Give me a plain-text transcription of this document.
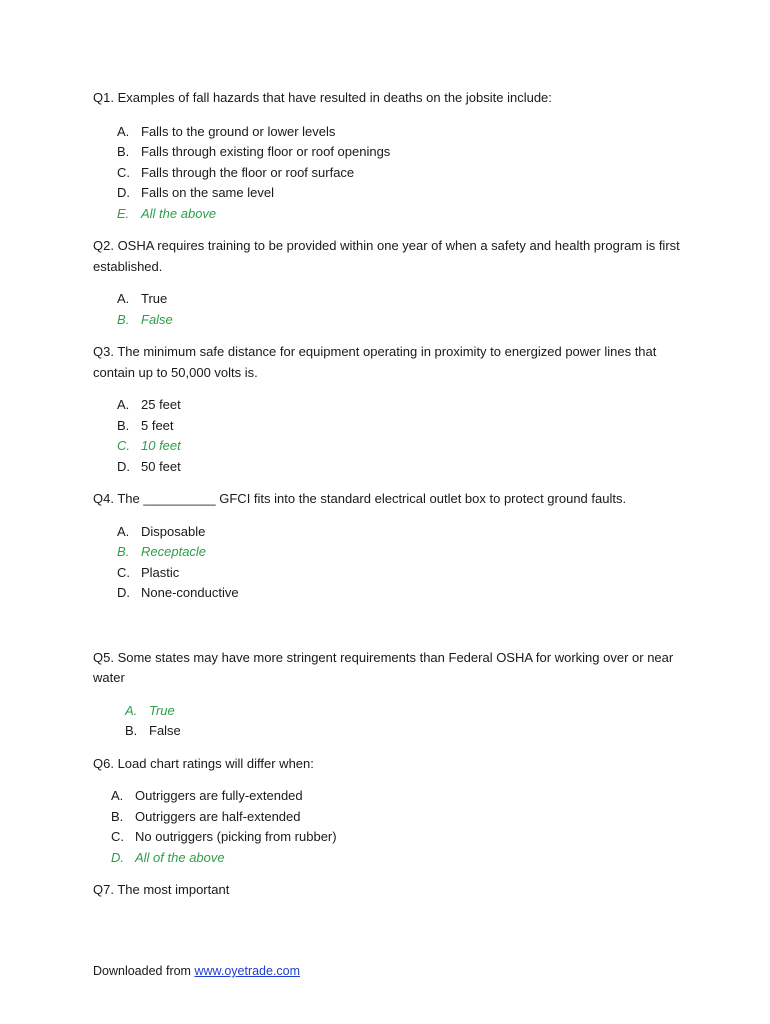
Q1. Examples of fall hazards that have resulted in deaths on the jobsite include:

A. Falls to the ground or lower levels
B. Falls through existing floor or roof openings
C. Falls through the floor or roof surface
D. Falls on the same level
E. All the above

Q2. OSHA requires training to be provided within one year of when a safety and health program is first established.

A. True
B. False

Q3. The minimum safe distance for equipment operating in proximity to energized power lines that contain up to 50,000 volts is.

A. 25 feet
B. 5 feet
C. 10 feet
D. 50 feet

Q4. The __________ GFCI fits into the standard electrical outlet box to protect ground faults.

A. Disposable
B. Receptacle
C. Plastic
D. None-conductive

Q5. Some states may have more stringent requirements than Federal OSHA for working over or near water

A. True
B. False

Q6. Load chart ratings will differ when:

A. Outriggers are fully-extended
B. Outriggers are half-extended
C. No outriggers (picking from rubber)
D. All of the above

Q7. The most important

Downloaded from www.oyetrade.com
